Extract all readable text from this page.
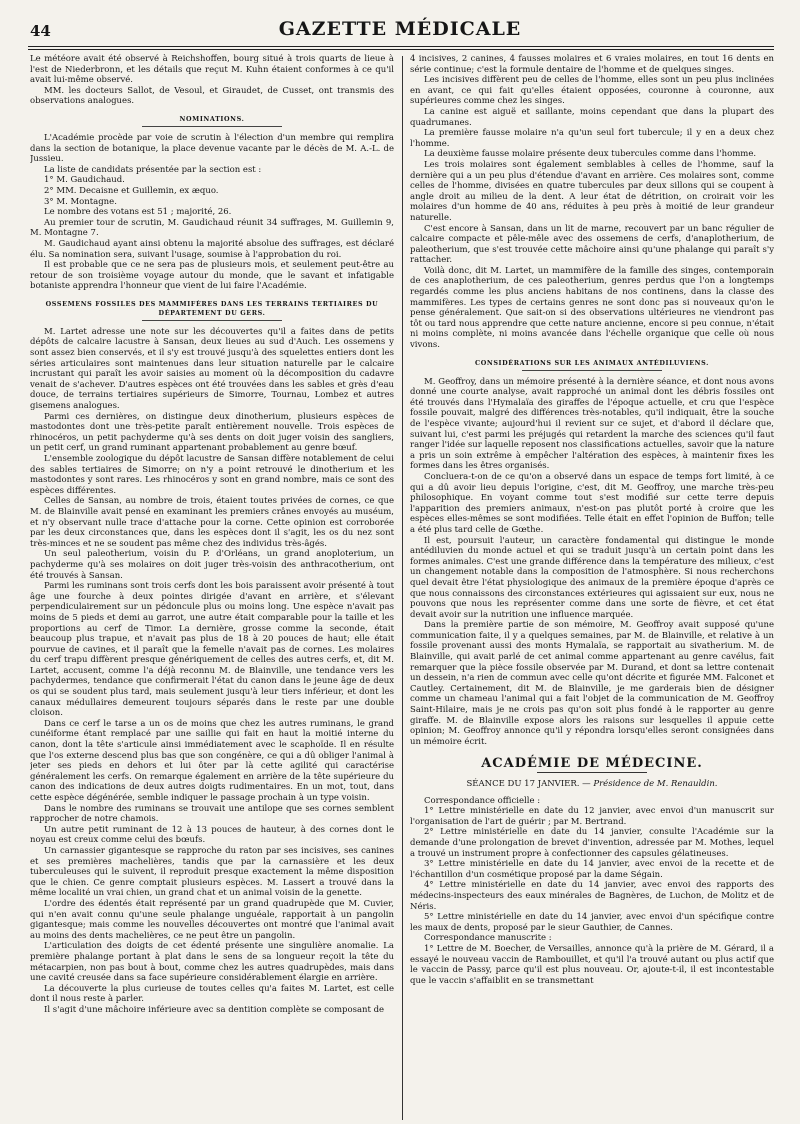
44	GAZETTE MÉDICALE

Le météore avait été observé à Reichshoffen, bourg situé à trois quarts de lieue à l'est de Niederbronn, et les détails que reçut M. Kuhn étaient conformes à ce qu'il avait lui-même observé.

MM. les docteurs Sallot, de Vesoul, et Giraudet, de Cusset, ont transmis des observations analogues.

NOMINATIONS.

L'Académie procède par voie de scrutin à l'élection d'un membre qui remplira dans la section de botanique, la place devenue vacante par le décès de M. A.-L. de Jussieu.

La liste de candidats présentée par la section est :

1° M. Gaudichaud.

2° MM. Decaisne et Guillemin, ex æquo.

3° M. Montagne.

Le nombre des votans est 51 ; majorité, 26.

Au premier tour de scrutin, M. Gaudichaud réunit 34 suffrages, M. Guillemin 9, M. Montagne 7.

M. Gaudichaud ayant ainsi obtenu la majorité absolue des suffrages, est déclaré élu. Sa nomination sera, suivant l'usage, soumise à l'approbation du roi.

Il est probable que ce ne sera pas de plusieurs mois, et seulement peut-être au retour de son troisième voyage autour du monde, que le savant et infatigable botaniste apprendra l'honneur que vient de lui faire l'Académie.

OSSEMENS FOSSILES DES MAMMIFÈRES DANS LES TERRAINS TERTIAIRES DU DÉPARTEMENT DU GERS.

M. Lartet adresse une note sur les découvertes qu'il a faites dans de petits dépôts de calcaire lacustre à Sansan, deux lieues au sud d'Auch. Les ossemens y sont assez bien conservés, et il s'y est trouvé jusqu'à des squelettes entiers dont les séries articulaires sont maintenues dans leur situation naturelle par le calcaire incrustant qui paraît les avoir saisies au moment où la décomposition du cadavre venait de s'achever. D'autres espèces ont été trouvées dans les sables et grès d'eau douce, de terrains tertiaires supérieurs de Simorre, Tournau, Lombez et autres gisemens analogues.

Parmi ces dernières, on distingue deux dinotherium, plusieurs espèces de mastodontes dont une très-petite paraît entièrement nouvelle. Trois espèces de rhinocéros, un petit pachyderme qu'à ses dents on doit juger voisin des sangliers, un petit cerf, un grand ruminant appartenant probablement au genre bœuf.

L'ensemble zoologique du dépôt lacustre de Sansan diffère notablement de celui des sables tertiaires de Simorre; on n'y a point retrouvé le dinotherium et les mastodontes y sont rares. Les rhinocéros y sont en grand nombre, mais ce sont des espèces différentes.

Celles de Sansan, au nombre de trois, étaient toutes privées de cornes, ce que M. de Blainville avait pensé en examinant les premiers crânes envoyés au muséum, et n'y observant nulle trace d'attache pour la corne. Cette opinion est corroborée par les deux circonstances que, dans les espèces dont il s'agit, les os du nez sont très-minces et ne se soudent pas même chez des individus très-âgés.

Un seul paleotherium, voisin du P. d'Orléans, un grand anoploterium, un pachyderme qu'à ses molaires on doit juger très-voisin des anthracotherium, ont été trouvés à Sansan.

Parmi les ruminans sont trois cerfs dont les bois paraissent avoir présenté à tout âge une fourche à deux pointes dirigée d'avant en arrière, et s'élevant perpendiculairement sur un pédoncule plus ou moins long. Une espèce n'avait pas moins de 5 pieds et demi au garrot, une autre était comparable pour la taille et les proportions au cerf de Timor. La dernière, grosse comme la seconde, était beaucoup plus trapue, et n'avait pas plus de 18 à 20 pouces de haut; elle était pourvue de cavines, et il paraît que la femelle n'avait pas de cornes. Les molaires du cerf trapu diffèrent presque génériquement de celles des autres cerfs, et, dit M. Lartet, accusent, comme l'a déjà reconnu M. de Blainville, une tendance vers les pachydermes, tendance que confirmerait l'état du canon dans le jeune âge de deux os qui se soudent plus tard, mais seulement jusqu'à leur tiers inférieur, et dont les canaux médullaires demeurent toujours séparés dans le reste par une double cloison.

Dans ce cerf le tarse a un os de moins que chez les autres ruminans, le grand cunéiforme étant remplacé par une saillie qui fait en haut la moitié interne du canon, dont la tête s'articule ainsi immédiatement avec le scaphoïde. Il en résulte que l'os externe descend plus bas que son congénère, ce qui a dû obliger l'animal à jeter ses pieds en dehors et lui ôter par là cette agilité qui caractérise généralement les cerfs. On remarque également en arrière de la tête supérieure du canon des indications de deux autres doigts rudimentaires. En un mot, tout, dans cette espèce dégénérée, semble indiquer le passage prochain à un type voisin.

Dans le nombre des ruminans se trouvait une antilope que ses cornes semblent rapprocher de notre chamois.

Un autre petit ruminant de 12 à 13 pouces de hauteur, à des cornes dont le noyau est creux comme celui des bœufs.

Un carnassier gigantesque se rapproche du raton par ses incisives, ses canines et ses premières machelières, tandis que par la carnassière et les deux tuberculeuses qui le suivent, il reproduit presque exactement la même disposition que le chien. Ce genre comptait plusieurs espèces. M. Lassert a trouvé dans la même localité un vrai chien, un grand chat et un animal voisin de la genette.

L'ordre des édentés était représenté par un grand quadrupède que M. Cuvier, qui n'en avait connu qu'une seule phalange unguéale, rapportait à un pangolin gigantesque; mais comme les nouvelles découvertes ont montré que l'animal avait au moins des dents machelières, ce ne peut être un pangolin.

L'articulation des doigts de cet édenté présente une singulière anomalie. La première phalange portant à plat dans le sens de sa longueur reçoit la tête du métacarpien, non pas bout à bout, comme chez les autres quadrupèdes, mais dans une cavité creusée dans sa face supérieure considérablement élargie en arrière.

La découverte la plus curieuse de toutes celles qu'a faites M. Lartet, est celle dont il nous reste à parler.

Il s'agit d'une mâchoire inférieure avec sa dentition complète se composant de

4 incisives, 2 canines, 4 fausses molaires et 6 vraies molaires, en tout 16 dents en série continue; c'est la formule dentaire de l'homme et de quelques singes.

Les incisives diffèrent peu de celles de l'homme, elles sont un peu plus inclinées en avant, ce qui fait qu'elles étaient opposées, couronne à couronne, aux supérieures comme chez les singes.

La canine est aiguë et saillante, moins cependant que dans la plupart des quadrumanes.

La première fausse molaire n'a qu'un seul fort tubercule; il y en a deux chez l'homme.

La deuxième fausse molaire présente deux tubercules comme dans l'homme.

Les trois molaires sont également semblables à celles de l'homme, sauf la dernière qui a un peu plus d'étendue d'avant en arrière. Ces molaires sont, comme celles de l'homme, divisées en quatre tubercules par deux sillons qui se coupent à angle droit au milieu de la dent. A leur état de détrition, on croirait voir les molaires d'un homme de 40 ans, réduites à peu près à moitié de leur grandeur naturelle.

C'est encore à Sansan, dans un lit de marne, recouvert par un banc régulier de calcaire compacte et pêle-mêle avec des ossemens de cerfs, d'anaplotherium, de paleotherium, que s'est trouvée cette mâchoire ainsi qu'une phalange qui paraît s'y rattacher.

Voilà donc, dit M. Lartet, un mammifère de la famille des singes, contemporain de ces anaplotherium, de ces paleotherium, genres perdus que l'on a longtemps regardés comme les plus anciens habitans de nos continens, dans la classe des mammifères. Les types de certains genres ne sont donc pas si nouveaux qu'on le pense généralement. Que sait-on si des observations ultérieures ne viendront pas tôt ou tard nous apprendre que cette nature ancienne, encore si peu connue, n'était ni moins complète, ni moins avancée dans l'échelle organique que celle où nous vivons.

CONSIDÉRATIONS SUR LES ANIMAUX ANTÉDILUVIENS.

M. Geoffroy, dans un mémoire présenté à la dernière séance, et dont nous avons donné une courte analyse, avait rapproché un animal dont les débris fossiles ont été trouvés dans l'Hymalaïa des giraffes de l'époque actuelle, et cru que l'espèce fossile pouvait, malgré des différences très-notables, qu'il indiquait, être la souche de l'espèce vivante; aujourd'hui il revient sur ce sujet, et d'abord il déclare que, suivant lui, c'est parmi les préjugés qui retardent la marche des sciences qu'il faut ranger l'idée sur laquelle reposent nos classifications actuelles, savoir que la nature a pris un soin extrême à empêcher l'altération des espèces, à maintenir fixes les formes dans les êtres organisés.

Concluera-t-on de ce qu'on a observé dans un espace de temps fort limité, à ce qui a dû avoir lieu depuis l'origine, c'est, dit M. Geoffroy, une marche très-peu philosophique. En voyant comme tout s'est modifié sur cette terre depuis l'apparition des premiers animaux, n'est-on pas plutôt porté à croire que les espèces elles-mêmes se sont modifiées. Telle était en effet l'opinion de Buffon; telle a été plus tard celle de Gœthe.

Il est, poursuit l'auteur, un caractère fondamental qui distingue le monde antédiluvien du monde actuel et qui se traduit jusqu'à un certain point dans les formes animales. C'est une grande différence dans la température des milieux, c'est un changement notable dans la composition de l'atmosphère. Si nous recherchons quel devait être l'état physiologique des animaux de la première époque d'après ce que nous connaissons des circonstances extérieures qui agissaient sur eux, nous ne pouvons que nous les représenter comme dans une sorte de fièvre, et cet état devait avoir sur la nutrition une influence marquée.

Dans la première partie de son mémoire, M. Geoffroy avait supposé qu'une communication faite, il y a quelques semaines, par M. de Blainville, et relative à un fossile provenant aussi des monts Hymalaïa, se rapportait au sivatherium. M. de Blainville, qui avait parlé de cet animal comme appartenant au genre cavélus, fait remarquer que la pièce fossile observée par M. Durand, et dont sa lettre contenait un dessein, n'a rien de commun avec celle qu'ont décrite et figurée MM. Falconet et Cautley. Certainement, dit M. de Blainville, je me garderais bien de désigner comme un chameau l'animal qui a fait l'objet de la communication de M. Geoffroy Saint-Hilaire, mais je ne crois pas qu'on soit plus fondé à le rapporter au genre giraffe. M. de Blainville expose alors les raisons sur lesquelles il appuie cette opinion; M. Geoffroy annonce qu'il y répondra lorsqu'elles seront consignées dans un mémoire écrit.

ACADÉMIE DE MÉDECINE.

SÉANCE DU 17 JANVIER. — Présidence de M. Renauldin.

Correspondance officielle :

1° Lettre ministérielle en date du 12 janvier, avec envoi d'un manuscrit sur l'organisation de l'art de guérir ; par M. Bertrand.

2° Lettre ministérielle en date du 14 janvier, consulte l'Académie sur la demande d'une prolongation de brevet d'invention, adressée par M. Mothes, lequel a trouvé un instrument propre à confectionner des capsules gélatineuses.

3° Lettre ministérielle en date du 14 janvier, avec envoi de la recette et de l'échantillon d'un cosmétique proposé par la dame Ségain.

4° Lettre ministérielle en date du 14 janvier, avec envoi des rapports des médecins-inspecteurs des eaux minérales de Bagnères, de Luchon, de Molitz et de Néris.

5° Lettre ministérielle en date du 14 janvier, avec envoi d'un spécifique contre les maux de dents, proposé par le sieur Gauthier, de Cannes.

Correspondance manuscrite :

1° Lettre de M. Boecher, de Versailles, annonce qu'à la prière de M. Gérard, il a essayé le nouveau vaccin de Rambouillet, et qu'il l'a trouvé autant ou plus actif que le vaccin de Passy, parce qu'il est plus nouveau. Or, ajoute-t-il, il est incontestable que le vaccin s'affaiblit en se transmettant
